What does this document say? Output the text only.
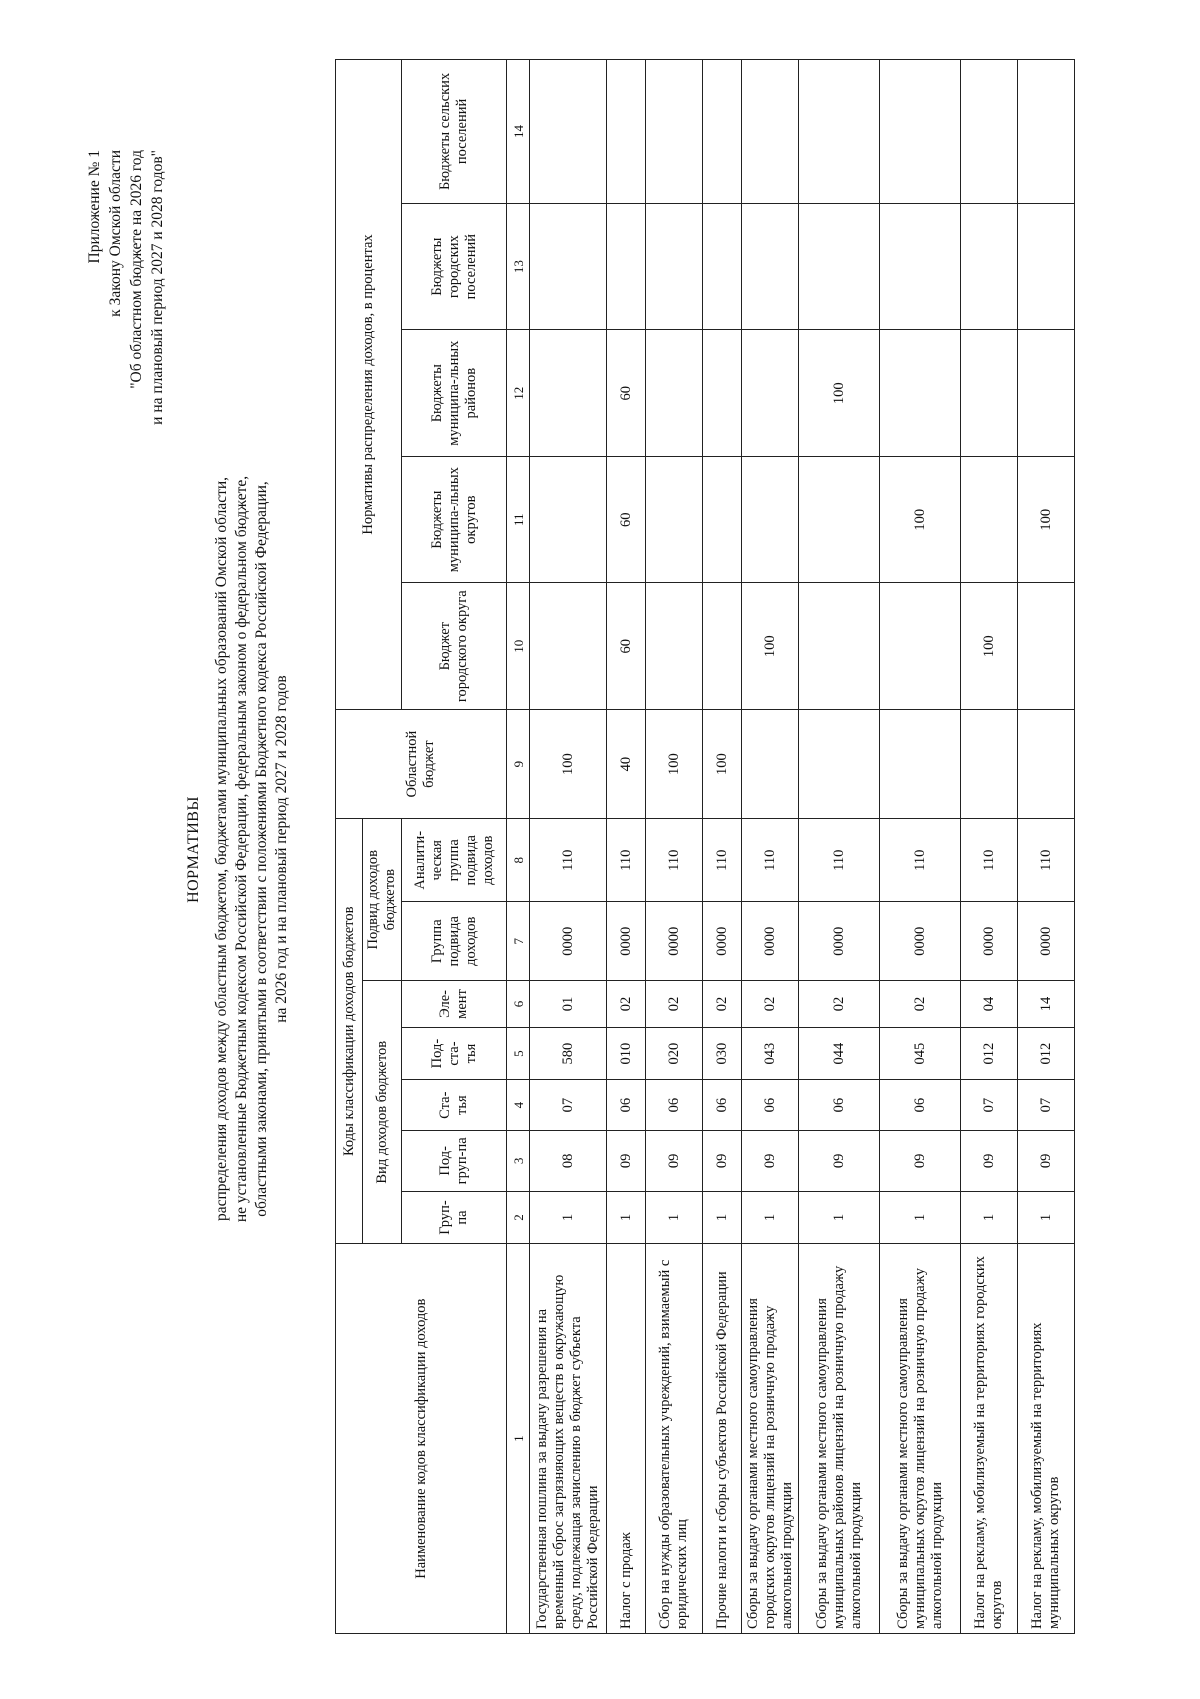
Приложение № 1 к Закону Омской области "Об областном бюджете на 2026 год и на плановый период 2027 и 2028 годов"
НОРМАТИВЫ распределения доходов между областным бюджетом, бюджетами муниципальных образований Омской области, не установленные Бюджетным кодексом Российской Федерации, федеральным законом о федеральном бюджете, областными законами, принятыми в соответствии с положениями Бюджетного кодекса Российской Федерации, на 2026 год и на плановый период 2027 и 2028 годов
Наименование кодов классификации доходов	Коды классификации доходов бюджетов							Областной бюджет	Нормативы распределения доходов, в процентах				
	Вид доходов бюджетов					Подвид доходов бюджетов							
	Груп-па	Под-груп-па	Ста-тья	Под-ста-тья	Эле-мент	Группа подвида доходов	Аналити-ческая группа подвида доходов		Бюджет городского округа	Бюджеты муниципа-льных округов	Бюджеты муниципа-льных районов	Бюджеты городских поселений	Бюджеты сельских поселений
1	2	3	4	5	6	7	8	9	10	11	12	13	14
Государственная пошлина за выдачу разрешения на временный сброс загрязняющих веществ в окружающую среду, подлежащая зачислению в бюджет субъекта Российской Федерации	1	08	07	580	01	0000	110	100					
Налог с продаж	1	09	06	010	02	0000	110	40	60	60	60		
Сбор на нужды образовательных учреждений, взимаемый с юридических лиц	1	09	06	020	02	0000	110	100					
Прочие налоги и сборы субъектов Российской Федерации	1	09	06	030	02	0000	110	100					
Сборы за выдачу органами местного самоуправления городских округов лицензий на розничную продажу алкогольной продукции	1	09	06	043	02	0000	110		100				
Сборы за выдачу органами местного самоуправления муниципальных районов лицензий на розничную продажу алкогольной продукции	1	09	06	044	02	0000	110				100		
Сборы за выдачу органами местного самоуправления муниципальных округов лицензий на розничную продажу алкогольной продукции	1	09	06	045	02	0000	110			100			
Налог на рекламу, мобилизуемый на территориях городских округов	1	09	07	012	04	0000	110		100				
Налог на рекламу, мобилизуемый на территориях муниципальных округов	1	09	07	012	14	0000	110			100			
